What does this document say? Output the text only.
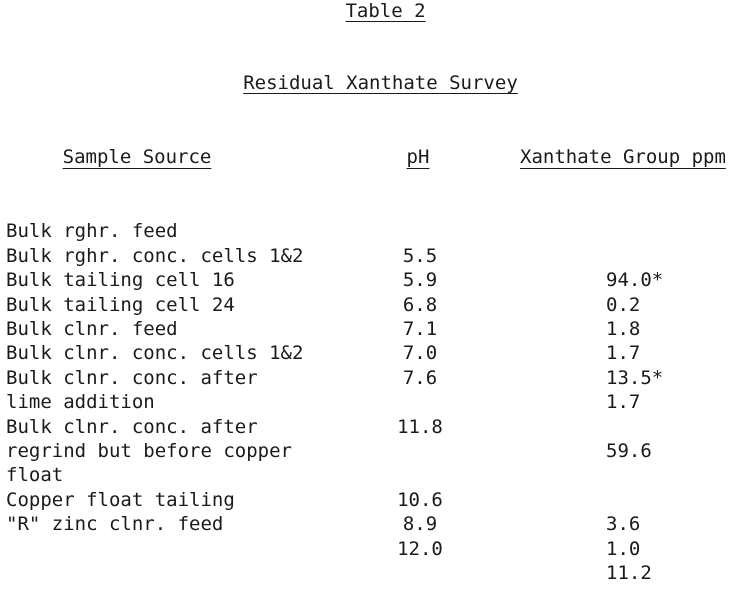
Table 2
Residual Xanthate Survey
Sample Source	pH	Xanthate Group ppm

Bulk rghr. feed

5.5

94.0*

Bulk rghr. conc. cells 1&2

5.9

0.2

Bulk tailing cell 16

6.8

1.8

Bulk tailing cell 24

7.1

1.7

Bulk clnr. feed

7.0

13.5*

Bulk clnr. conc. cells 1&2

7.6

1.7

Bulk clnr. conc. after

lime addition

11.8

59.6

Bulk clnr. conc. after

regrind but before copper

float

10.6

3.6

Copper float tailing

8.9

1.0

"R" zinc clnr. feed

12.0

11.2
